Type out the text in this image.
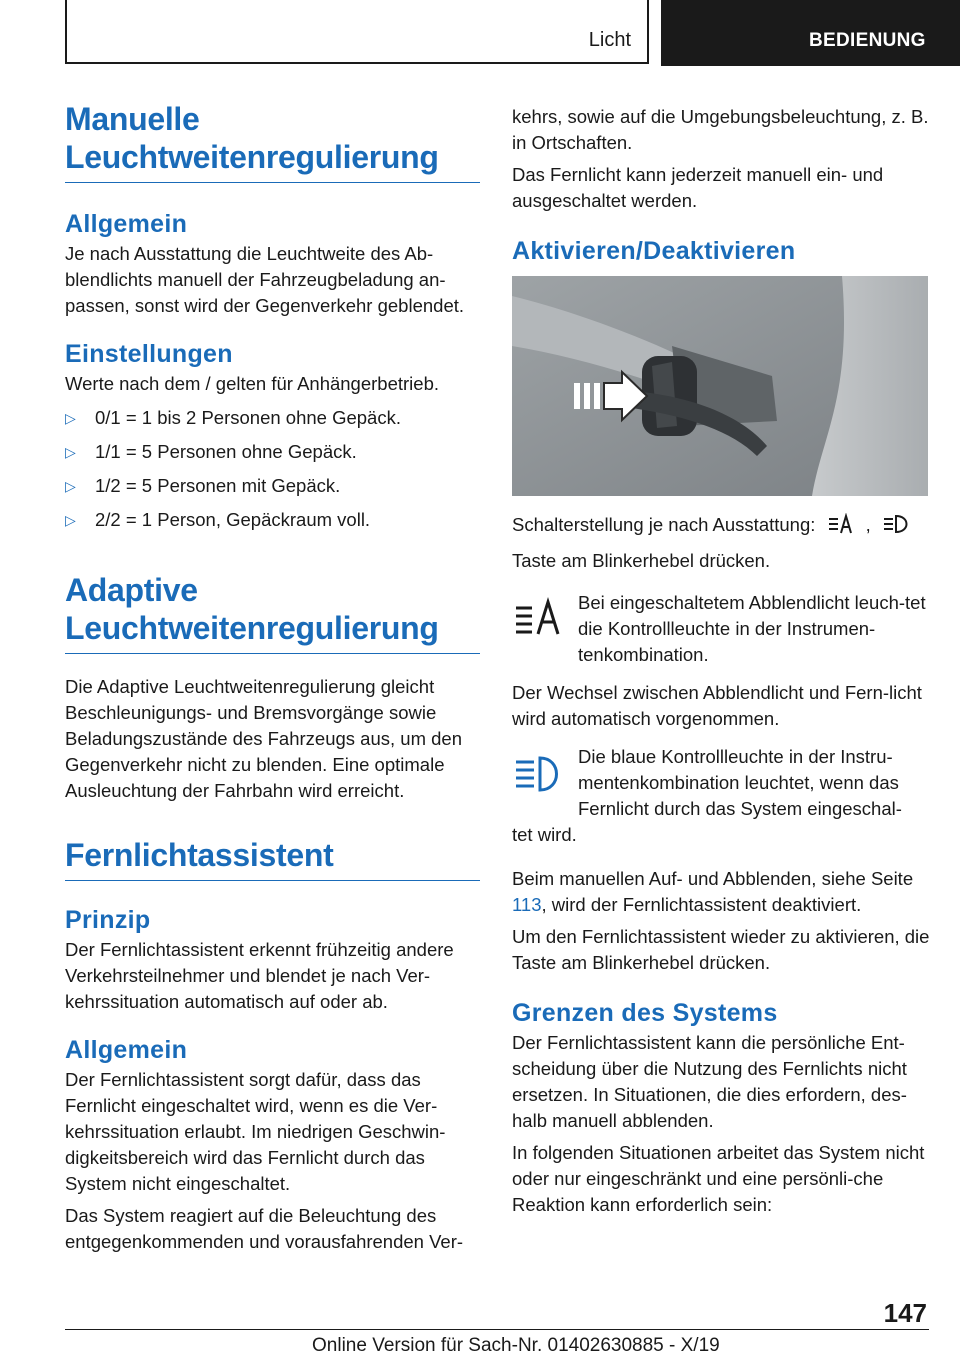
Licht	BEDIENUNG
Manuelle Leuchtweitenregulierung
Allgemein

Je nach Ausstattung die Leuchtweite des Ab-blendlichts manuell der Fahrzeugbeladung an-passen, sonst wird der Gegenverkehr geblendet.

Einstellungen

Werte nach dem / gelten für Anhängerbetrieb.

▷ 0/1 = 1 bis 2 Personen ohne Gepäck.
▷ 1/1 = 5 Personen ohne Gepäck.
▷ 1/2 = 5 Personen mit Gepäck.
▷ 2/2 = 1 Person, Gepäckraum voll.
Adaptive Leuchtweitenregulierung

Die Adaptive Leuchtweitenregulierung gleicht Beschleunigungs- und Bremsvorgänge sowie Beladungszustände des Fahrzeugs aus, um den Gegenverkehr nicht zu blenden. Eine optimale Ausleuchtung der Fahrbahn wird erreicht.

Fernlichtassistent
Prinzip

Der Fernlichtassistent erkennt frühzeitig andere Verkehrsteilnehmer und blendet je nach Ver-kehrssituation automatisch auf oder ab.

Allgemein

Der Fernlichtassistent sorgt dafür, dass das Fernlicht eingeschaltet wird, wenn es die Ver-kehrssituation erlaubt. Im niedrigen Geschwin-digkeitsbereich wird das Fernlicht durch das System nicht eingeschaltet.

Das System reagiert auf die Beleuchtung des entgegenkommenden und vorausfahrenden Ver-

kehrs, sowie auf die Umgebungsbeleuchtung, z. B. in Ortschaften.

Das Fernlicht kann jederzeit manuell ein- und ausgeschaltet werden.

Aktivieren/Deaktivieren

Schalterstellung je nach Ausstattung:	,

Taste am Blinkerhebel drücken.

Bei eingeschaltetem Abblendlicht leuch-tet die Kontrollleuchte in der Instrumen-tenkombination.

Der Wechsel zwischen Abblendlicht und Fern-licht wird automatisch vorgenommen.

Die blaue Kontrollleuchte in der Instru-mentenkombination leuchtet, wenn das Fernlicht durch das System eingeschal-

tet wird.

Beim manuellen Auf- und Abblenden, siehe Seite 113, wird der Fernlichtassistent deaktiviert.

Um den Fernlichtassistent wieder zu aktivieren, die Taste am Blinkerhebel drücken.

Grenzen des Systems

Der Fernlichtassistent kann die persönliche Ent-scheidung über die Nutzung des Fernlichts nicht ersetzen. In Situationen, die dies erfordern, des-halb manuell abblenden.

In folgenden Situationen arbeitet das System nicht oder nur eingeschränkt und eine persönli-che Reaktion kann erforderlich sein:

147
Online Version für Sach-Nr. 01402630885 - X/19
